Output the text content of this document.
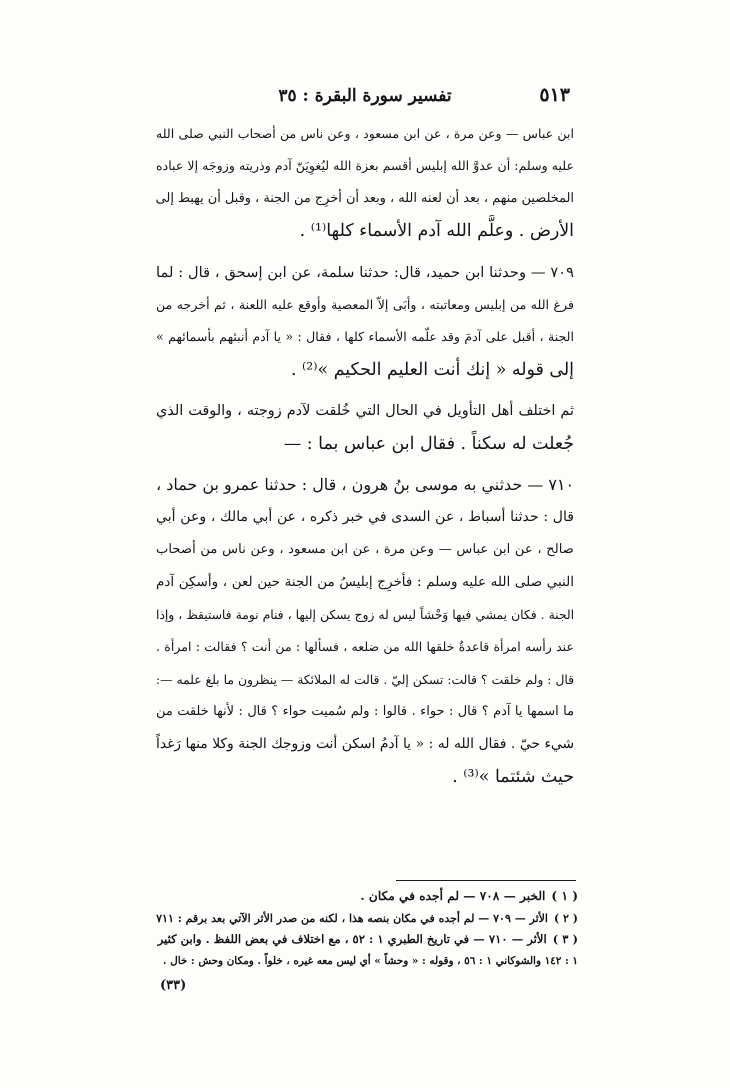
٥١٣
تفسير سورة البقرة : ٣٥
ابن عباس — وعن مرة ، عن ابن مسعود ، وعن ناس من أصحاب النبي صلى الله
عليه وسلم: أن عدوَّ الله إبليس أقسم بعزة الله ليُغوِيَنّ آدم وذريته وزوجَه إلا عباده
المخلصين منهم ، بعد أن لعنه الله ، وبعد أن أخرِج من الجنة ، وقبل أن يهبط إلى
الأرض . وعلَّم الله آدم الأسماء كلها⁽¹⁾ .
٧٠٩ — وحدثنا ابن حميد، قال: حدثنا سلمة، عن ابن إسحق ، قال : لما
فرغ الله من إبليس ومعاتبته ، وأبَى إلاّ المعصية وأوقع عليه اللعنة ، ثم أخرجه من
الجنة ، أقبل على آدمَ وقد علّمه الأسماء كلها ، فقال : « يا آدم أنبئهم بأسمائهم »
إلى قوله « إنك أنت العليم الحكيم »⁽²⁾ .
ثم اختلف أهل التأويل في الحال التي خُلقت لآدم زوجته ، والوقت الذي
جُعلت له سكناً . فقال ابن عباس بما : —
٧١٠ — حدثني به موسى بنُ هرون ، قال : حدثنا عمرو بن حماد ،
قال : حدثنا أسباط ، عن السدى في خبر ذكره ، عن أبي مالك ، وعن أبي
صالح ، عن ابن عباس — وعن مرة ، عن ابن مسعود ، وعن ناس من أصحاب
النبي صلى الله عليه وسلم : فأخرِج إبليسُ من الجنة حين لعن ، وأسكِن آدم
الجنة . فكان يمشي فيها وَحْشاً ليس له زوج يسكن إليها ، فنام نومة فاستيقظ ، وإذا
عند رأسه امرأة قاعدةٌ خلقها الله من ضلعه ، فسألها : من أنت ؟ فقالت : امرأة .
قال : ولم خلقت ؟ قالت: تسكن إليّ . قالت له الملائكة — ينظرون ما بلغ علمه —:
ما اسمها يا آدم ؟ قال : حواء . قالوا : ولم سُميت حواء ؟ قال : لأنها خلقت من
شيء حيّ . فقال الله له : « يا آدمُ اسكن أنت وزوجك الجنة وكلا منها رَغداً
حيث شئتما »⁽³⁾ .
( ١ )الخبر — ٧٠٨ — لم أجده في مكان .
( ٢ )الأثر — ٧٠٩ — لم أجده في مكان بنصه هذا ، لكنه من صدر الأثر الآتي بعد برقم : ٧١١
( ٣ )الأثر — ٧١٠ — في تاريخ الطبري ١ : ٥٢ ، مع اختلاف في بعض اللفظ . وابن كثير
١ : ١٤٢ والشوكاني ١ : ٥٦ ، وقوله : « وحشاً » أي ليس معه غيره ، خلواً . ومكان وحش : خال .
(٣٣)
